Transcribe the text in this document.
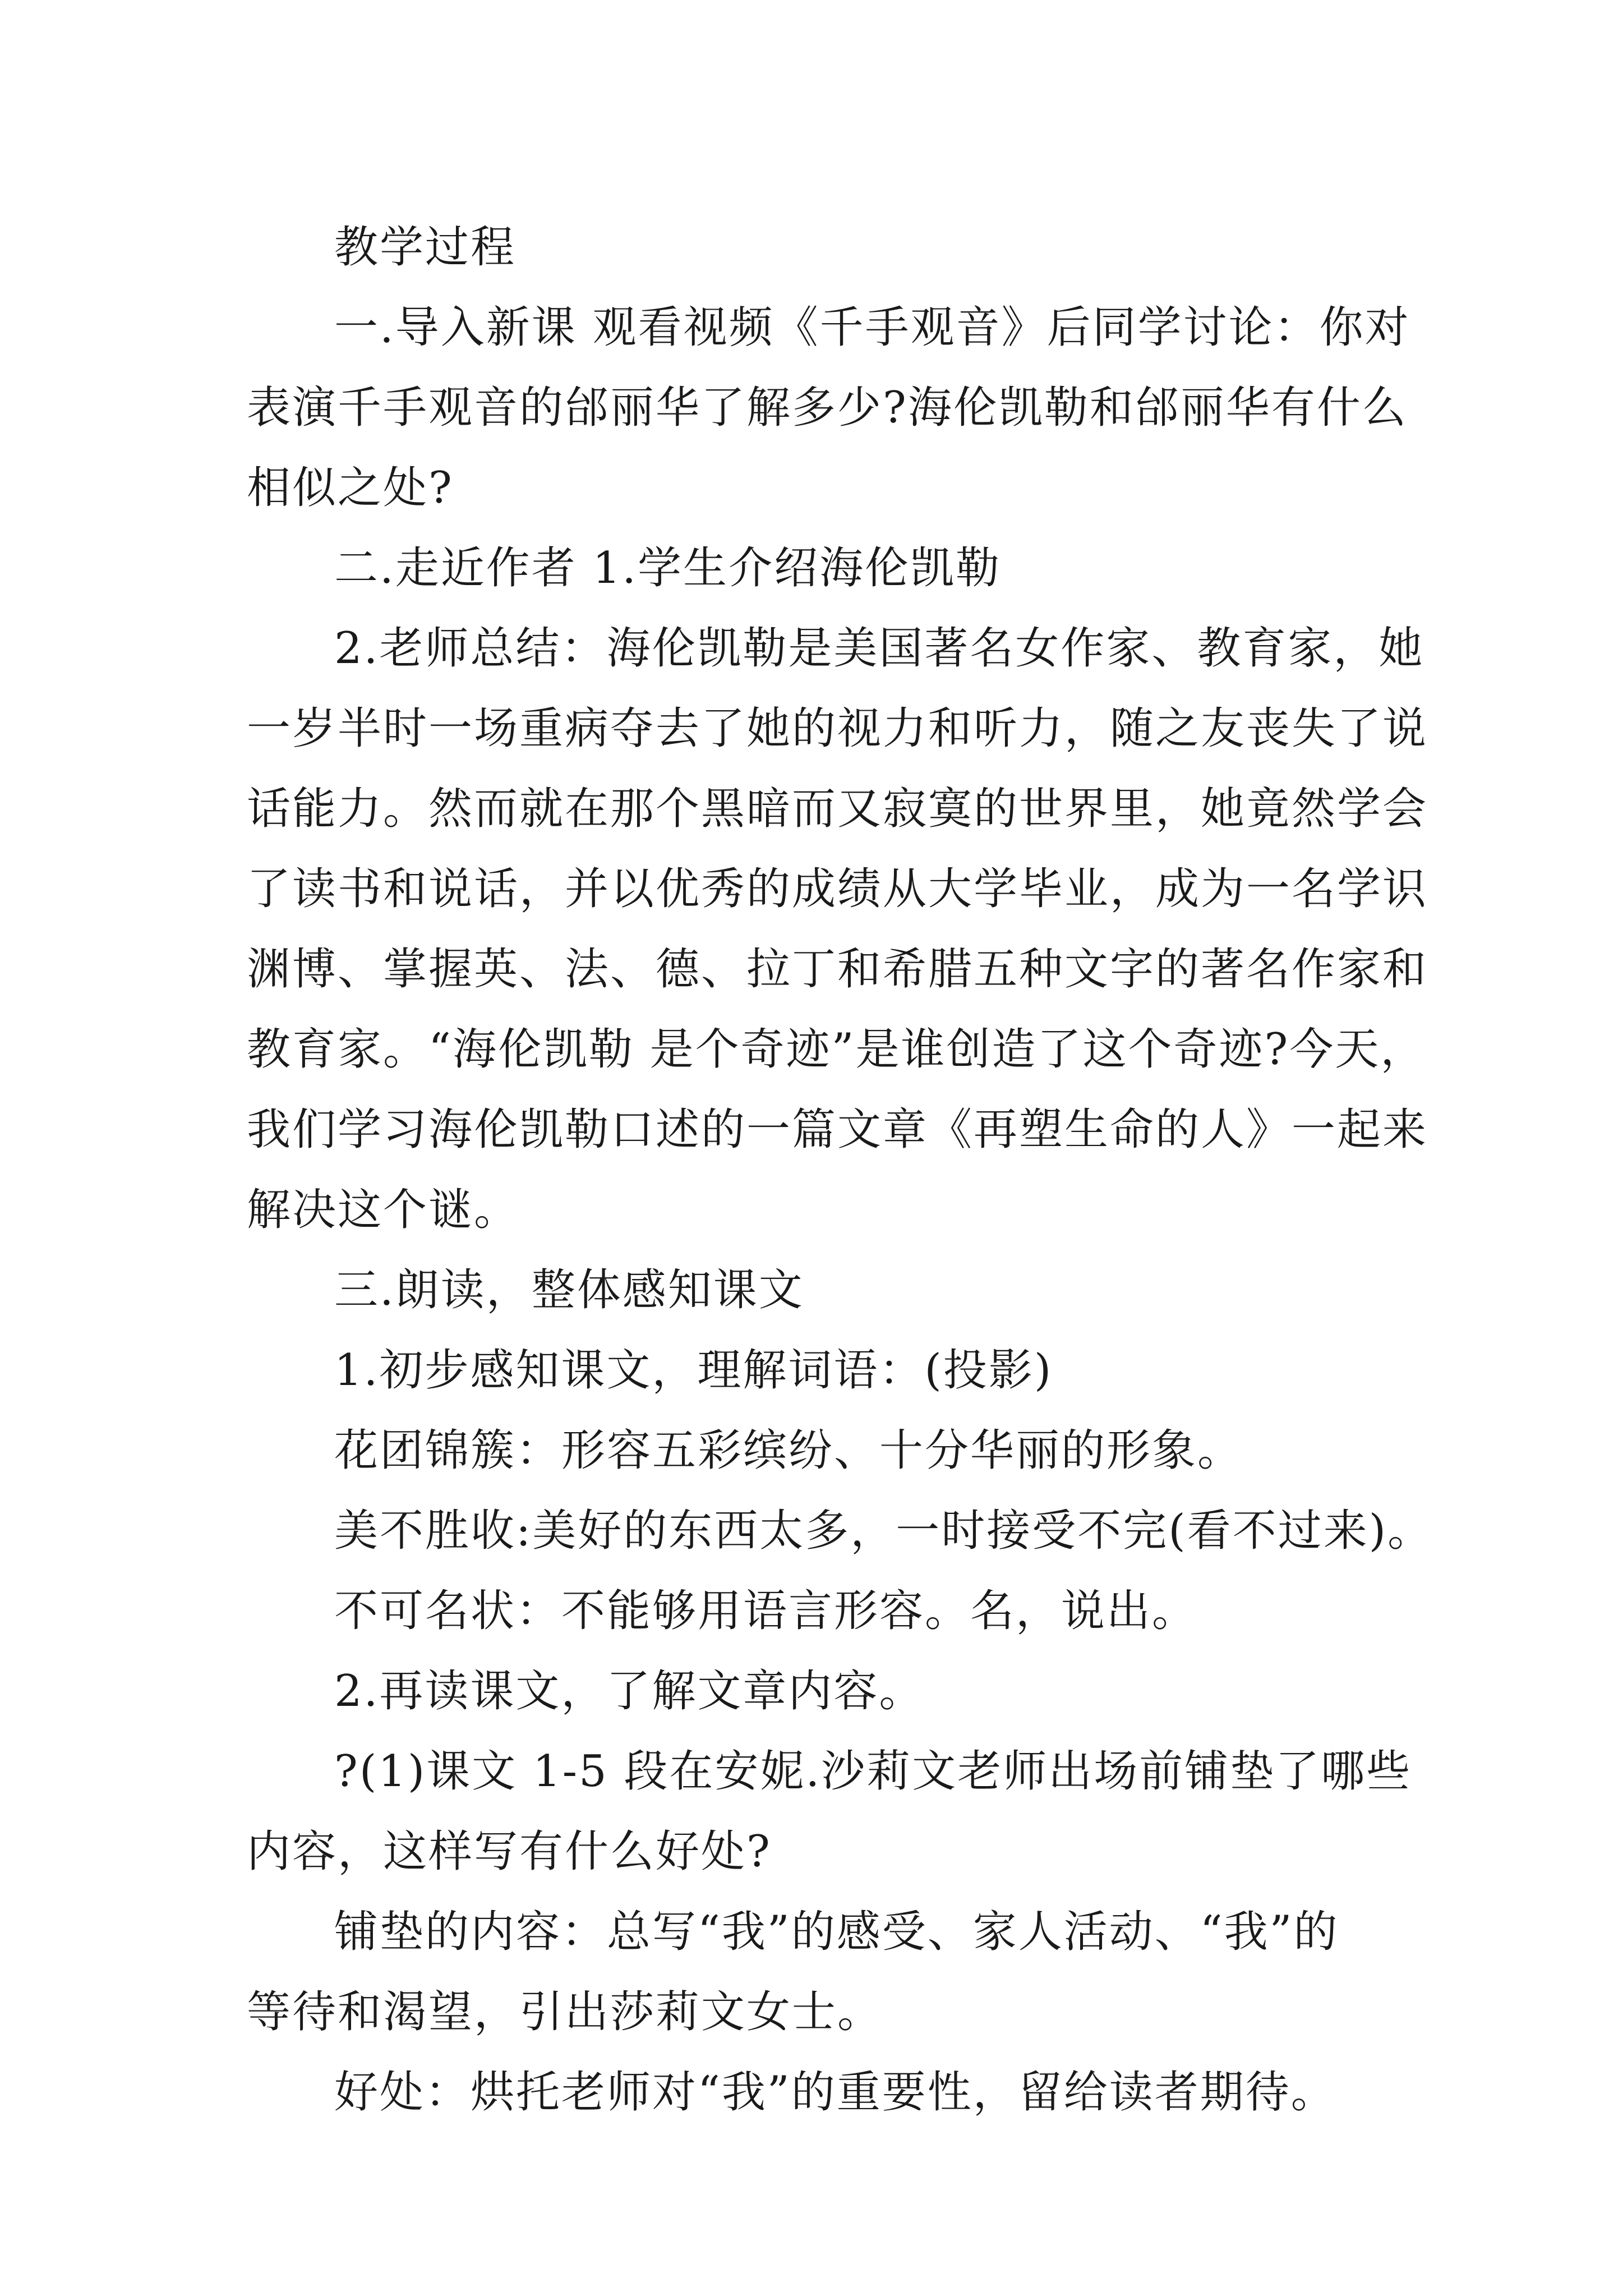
教学过程
一.导入新课 观看视频《千手观音》后同学讨论：你对
表演千手观音的邰丽华了解多少?海伦凯勒和邰丽华有什么
相似之处?
二.走近作者 1.学生介绍海伦凯勒
2.老师总结：海伦凯勒是美国著名女作家、教育家，她
一岁半时一场重病夺去了她的视力和听力，随之友丧失了说
话能力。然而就在那个黑暗而又寂寞的世界里，她竟然学会
了读书和说话，并以优秀的成绩从大学毕业，成为一名学识
渊博、掌握英、法、德、拉丁和希腊五种文字的著名作家和
教育家。“海伦凯勒 是个奇迹”是谁创造了这个奇迹?今天，
我们学习海伦凯勒口述的一篇文章《再塑生命的人》一起来
解决这个谜。
三.朗读，整体感知课文
1.初步感知课文，理解词语：(投影)
花团锦簇：形容五彩缤纷、十分华丽的形象。
美不胜收:美好的东西太多，一时接受不完(看不过来)。
不可名状：不能够用语言形容。名，说出。
2.再读课文，了解文章内容。
?(1)课文 1-5 段在安妮.沙莉文老师出场前铺垫了哪些
内容，这样写有什么好处?
铺垫的内容：总写“我”的感受、家人活动、“我”的
等待和渴望，引出莎莉文女士。
好处：烘托老师对“我”的重要性，留给读者期待。
